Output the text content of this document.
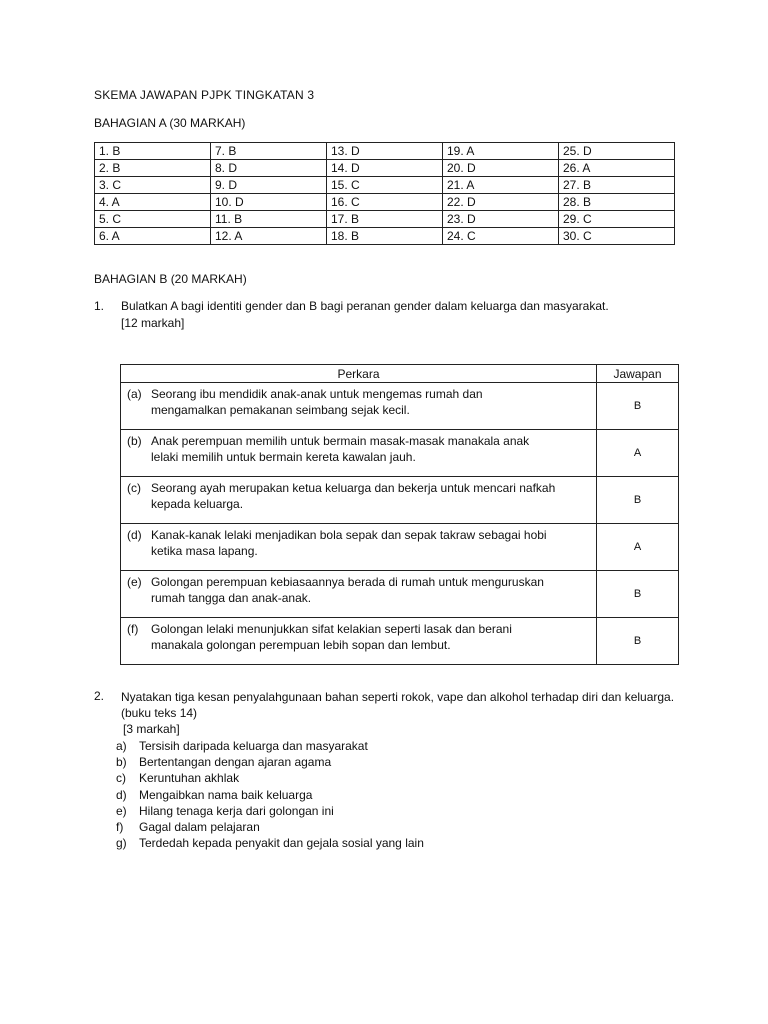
SKEMA JAWAPAN PJPK TINGKATAN 3
BAHAGIAN A (30 MARKAH)
1. B	7. B	13. D	19. A	25. D
2. B	8. D	14. D	20. D	26. A
3. C	9. D	15. C	21. A	27. B
4. A	10. D	16. C	22. D	28. B
5. C	11. B	17. B	23. D	29. C
6. A	12. A	18. B	24. C	30. C
BAHAGIAN B (20 MARKAH)
1. Bulatkan A bagi identiti gender dan B bagi peranan gender dalam keluarga dan masyarakat.
[12 markah]
Perkara	Jawapan

(a) Seorang ibu mendidik anak-anak untuk mengemas rumah dan
mengamalkan pemakanan seimbang sejak kecil.	B

(b) Anak perempuan memilih untuk bermain masak-masak manakala anak
lelaki memilih untuk bermain kereta kawalan jauh.	A

(c) Seorang ayah merupakan ketua keluarga dan bekerja untuk mencari nafkah
kepada keluarga.	B

(d) Kanak-kanak lelaki menjadikan bola sepak dan sepak takraw sebagai hobi
ketika masa lapang.	A

(e) Golongan perempuan kebiasaannya berada di rumah untuk menguruskan
rumah tangga dan anak-anak.	B

(f) Golongan lelaki menunjukkan sifat kelakian seperti lasak dan berani
manakala golongan perempuan lebih sopan dan lembut.	B
2. Nyatakan tiga kesan penyalahgunaan bahan seperti rokok, vape dan alkohol terhadap diri dan keluarga. (buku teks 14)
[3 markah]
a)	Tersisih daripada keluarga dan masyarakat
b)	Bertentangan dengan ajaran agama
c)	Keruntuhan akhlak
d)	Mengaibkan nama baik keluarga
e)	Hilang tenaga kerja dari golongan ini
f)	Gagal dalam pelajaran
g)	Terdedah kepada penyakit dan gejala sosial yang lain
